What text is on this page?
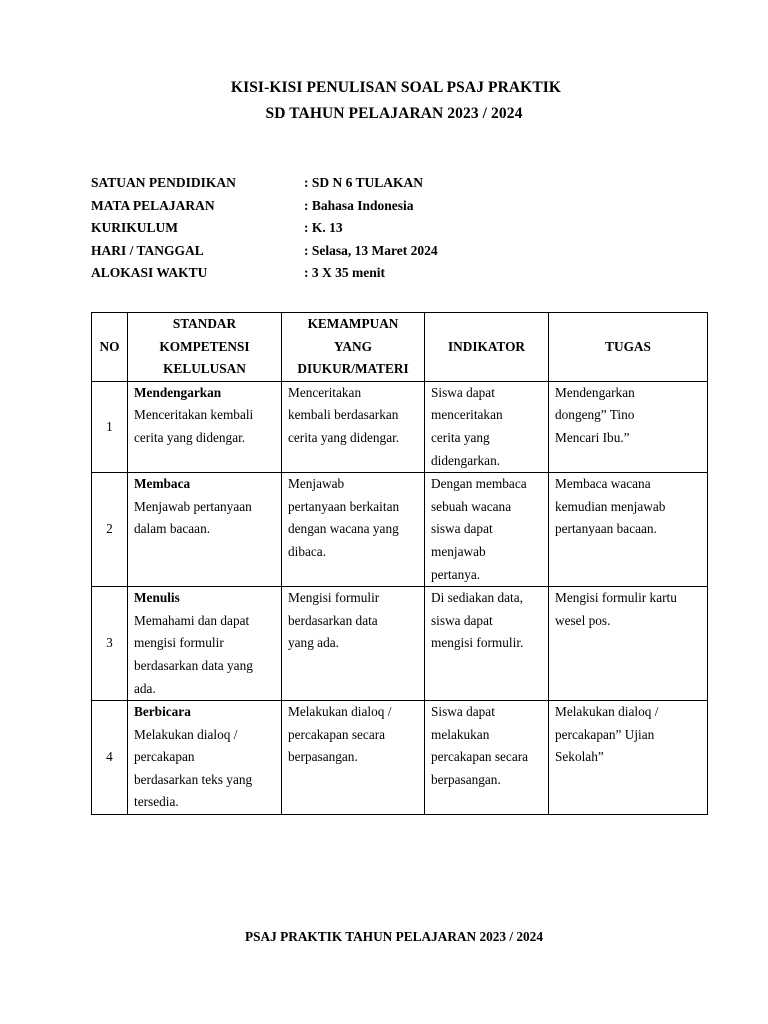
KISI-KISI PENULISAN SOAL PSAJ PRAKTIK
SD TAHUN PELAJARAN 2023 / 2024
SATUAN PENDIDIKAN	: SD N 6 TULAKAN
MATA PELAJARAN	: Bahasa Indonesia
KURIKULUM	: K. 13
HARI / TANGGAL	: Selasa, 13 Maret 2024
ALOKASI WAKTU	: 3 X 35 menit
NO	STANDAR
KOMPETENSI
KELULUSAN	KEMAMPUAN
YANG
DIUKUR/MATERI	INDIKATOR	TUGAS

1	Mendengarkan
Menceritakan kembali
cerita yang didengar.	Menceritakan
kembali berdasarkan
cerita yang didengar.	Siswa dapat
menceritakan
cerita yang
didengarkan.	Mendengarkan
dongeng” Tino
Mencari Ibu.”

2	Membaca
Menjawab pertanyaan
dalam bacaan.	Menjawab
pertanyaan berkaitan
dengan wacana yang
dibaca.	Dengan membaca
sebuah wacana
siswa dapat
menjawab
pertanya.	Membaca wacana
kemudian menjawab
pertanyaan bacaan.

3	Menulis
Memahami dan dapat
mengisi formulir
berdasarkan data yang
ada.	Mengisi formulir
berdasarkan data
yang ada.	Di sediakan data,
siswa dapat
mengisi formulir.	Mengisi formulir kartu
wesel pos.

4	Berbicara
Melakukan dialoq /
percakapan
berdasarkan teks yang
tersedia.	Melakukan dialoq /
percakapan secara
berpasangan.	Siswa dapat
melakukan
percakapan secara
berpasangan.	Melakukan dialoq /
percakapan” Ujian
Sekolah”
PSAJ PRAKTIK TAHUN PELAJARAN 2023 / 2024
